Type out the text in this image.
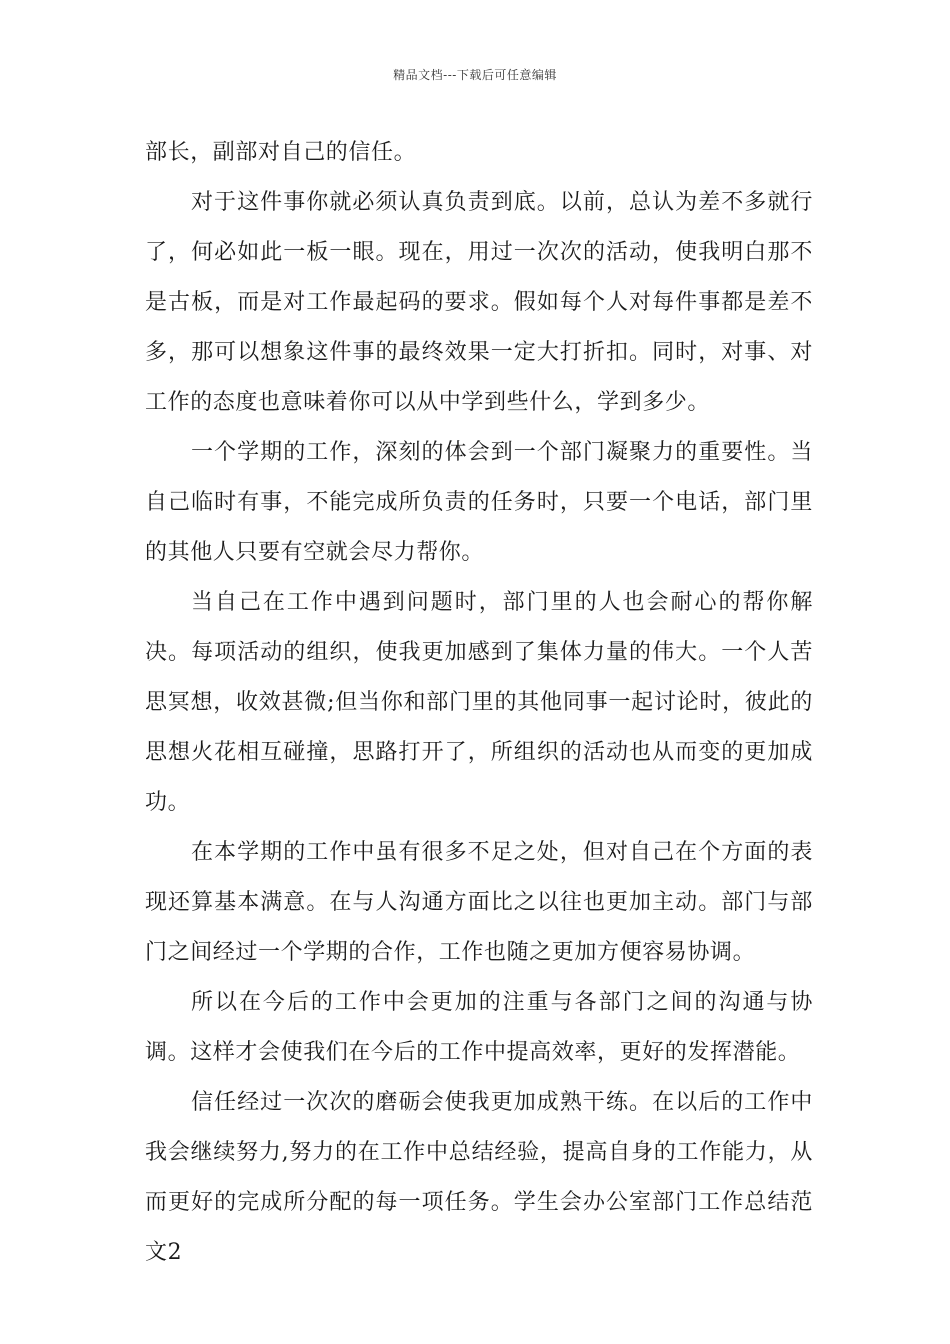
精品文档---下载后可任意编辑

部长，副部对自己的信任。

对于这件事你就必须认真负责到底。以前，总认为差不多就行了，何必如此一板一眼。现在，用过一次次的活动，使我明白那不是古板，而是对工作最起码的要求。假如每个人对每件事都是差不多，那可以想象这件事的最终效果一定大打折扣。同时，对事、对工作的态度也意味着你可以从中学到些什么，学到多少。

一个学期的工作，深刻的体会到一个部门凝聚力的重要性。当自己临时有事，不能完成所负责的任务时，只要一个电话，部门里的其他人只要有空就会尽力帮你。

当自己在工作中遇到问题时，部门里的人也会耐心的帮你解决。每项活动的组织，使我更加感到了集体力量的伟大。一个人苦思冥想，收效甚微;但当你和部门里的其他同事一起讨论时，彼此的思想火花相互碰撞，思路打开了，所组织的活动也从而变的更加成功。

在本学期的工作中虽有很多不足之处，但对自己在个方面的表现还算基本满意。在与人沟通方面比之以往也更加主动。部门与部门之间经过一个学期的合作，工作也随之更加方便容易协调。

所以在今后的工作中会更加的注重与各部门之间的沟通与协调。这样才会使我们在今后的工作中提高效率，更好的发挥潜能。

信任经过一次次的磨砺会使我更加成熟干练。在以后的工作中我会继续努力,努力的在工作中总结经验，提高自身的工作能力，从而更好的完成所分配的每一项任务。学生会办公室部门工作总结范文2
